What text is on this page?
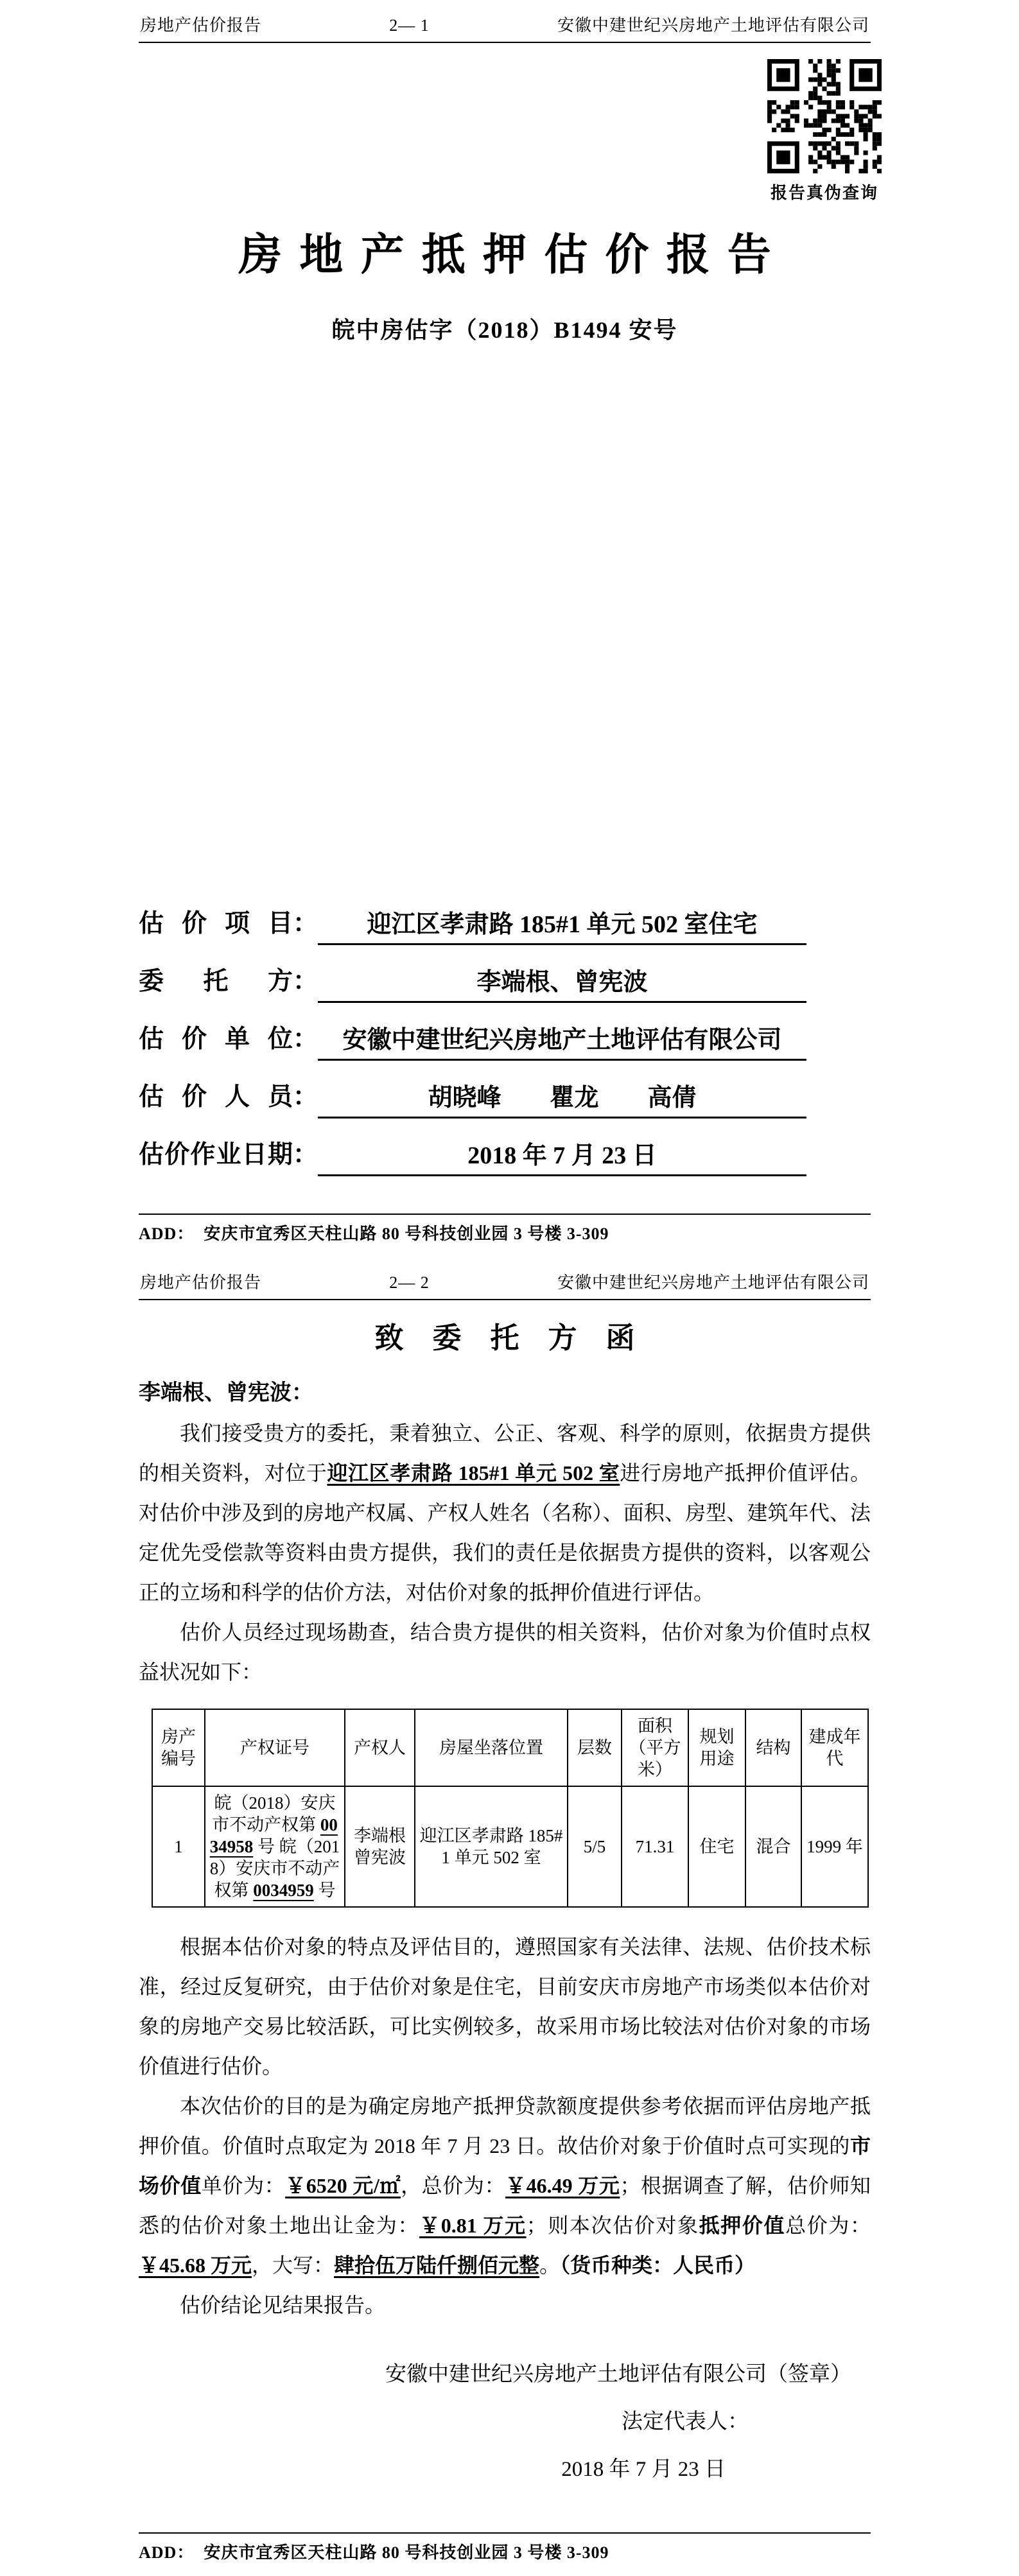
房地产估价报告	2— 1	安徽中建世纪兴房地产土地评估有限公司
报告真伪查询
房地产抵押估价报告
皖中房估字（2018）B1494 安号
估价项目 ：	迎江区孝肃路 185#1 单元 502 室住宅
委托方 ：	李端根、曾宪波
估价单位 ：	安徽中建世纪兴房地产土地评估有限公司
估价人员 ：	胡晓峰　　瞿龙　　高倩
估价作业日期 ：	2018 年 7 月 23 日
ADD：  安庆市宜秀区天柱山路 80 号科技创业园 3 号楼 3-309
房地产估价报告	2— 2	安徽中建世纪兴房地产土地评估有限公司
致委托方函

李端根、曾宪波：

我们接受贵方的委托，秉着独立、公正、客观、科学的原则，依据贵方提供的相关资料，对位于迎江区孝肃路 185#1 单元 502 室进行房地产抵押价值评估。对估价中涉及到的房地产权属、产权人姓名（名称）、面积、房型、建筑年代、法定优先受偿款等资料由贵方提供，我们的责任是依据贵方提供的资料，以客观公正的立场和科学的估价方法，对估价对象的抵押价值进行评估。

估价人员经过现场勘查，结合贵方提供的相关资料，估价对象为价值时点权益状况如下：

房产编号	产权证号	产权人	房屋坐落位置	层数	面积（平方米）	规划用途	结构	建成年代
1	皖（2018）安庆市不动产权第 0034958 号 皖（2018）安庆市不动产权第 0034959 号	李端根 曾宪波	迎江区孝肃路 185#1 单元 502 室	5/5	71.31	住宅	混合	1999 年

根据本估价对象的特点及评估目的，遵照国家有关法律、法规、估价技术标准，经过反复研究，由于估价对象是住宅，目前安庆市房地产市场类似本估价对象的房地产交易比较活跃，可比实例较多，故采用市场比较法对估价对象的市场价值进行估价。

本次估价的目的是为确定房地产抵押贷款额度提供参考依据而评估房地产抵押价值。价值时点取定为 2018 年 7 月 23 日。故估价对象于价值时点可实现的市场价值单价为：￥6520 元/㎡，总价为：￥46.49 万元；根据调查了解，估价师知悉的估价对象土地出让金为：￥0.81 万元；则本次估价对象抵押价值总价为：￥45.68 万元，大写：肆拾伍万陆仟捌佰元整。（货币种类：人民币）

估价结论见结果报告。

安徽中建世纪兴房地产土地评估有限公司（签章）
法定代表人：
2018 年 7 月 23 日
ADD：  安庆市宜秀区天柱山路 80 号科技创业园 3 号楼 3-309
